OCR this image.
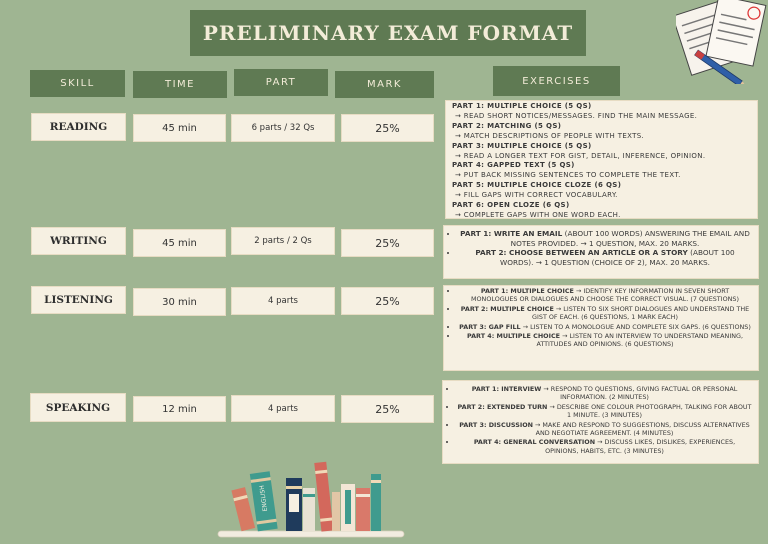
PRELIMINARY EXAM FORMAT
SKILL	TIME	PART	MARK	EXERCISES
READING	45 min	6 parts / 32 Qs	25%
PART 1: MULTIPLE CHOICE (5 QS)
→ READ SHORT NOTICES/MESSAGES. FIND THE MAIN MESSAGE.
PART 2: MATCHING (5 QS)
→ MATCH DESCRIPTIONS OF PEOPLE WITH TEXTS.
PART 3: MULTIPLE CHOICE (5 QS)
→ READ A LONGER TEXT FOR GIST, DETAIL, INFERENCE, OPINION.
PART 4: GAPPED TEXT (5 QS)
→ PUT BACK MISSING SENTENCES TO COMPLETE THE TEXT.
PART 5: MULTIPLE CHOICE CLOZE (6 QS)
→ FILL GAPS WITH CORRECT VOCABULARY.
PART 6: OPEN CLOZE (6 QS)
→ COMPLETE GAPS WITH ONE WORD EACH.
WRITING	45 min	2 parts / 2 Qs	25%
• PART 1: WRITE AN EMAIL (ABOUT 100 WORDS) ANSWERING THE EMAIL AND NOTES PROVIDED. → 1 QUESTION, MAX. 20 MARKS.
• PART 2: CHOOSE BETWEEN AN ARTICLE OR A STORY (ABOUT 100 WORDS). → 1 QUESTION (CHOICE OF 2), MAX. 20 MARKS.
LISTENING	30 min	4 parts	25%
• PART 1: MULTIPLE CHOICE → IDENTIFY KEY INFORMATION IN SEVEN SHORT MONOLOGUES OR DIALOGUES AND CHOOSE THE CORRECT VISUAL. (7 QUESTIONS)
• PART 2: MULTIPLE CHOICE → LISTEN TO SIX SHORT DIALOGUES AND UNDERSTAND THE GIST OF EACH. (6 QUESTIONS, 1 MARK EACH)
• PART 3: GAP FILL → LISTEN TO A MONOLOGUE AND COMPLETE SIX GAPS. (6 QUESTIONS)
• PART 4: MULTIPLE CHOICE → LISTEN TO AN INTERVIEW TO UNDERSTAND MEANING, ATTITUDES AND OPINIONS. (6 QUESTIONS)
SPEAKING	12 min	4 parts	25%
• PART 1: INTERVIEW → RESPOND TO QUESTIONS, GIVING FACTUAL OR PERSONAL INFORMATION. (2 MINUTES)
• PART 2: EXTENDED TURN → DESCRIBE ONE COLOUR PHOTOGRAPH, TALKING FOR ABOUT 1 MINUTE. (3 MINUTES)
• PART 3: DISCUSSION → MAKE AND RESPOND TO SUGGESTIONS, DISCUSS ALTERNATIVES AND NEGOTIATE AGREEMENT. (4 MINUTES)
• PART 4: GENERAL CONVERSATION → DISCUSS LIKES, DISLIKES, EXPERIENCES, OPINIONS, HABITS, ETC. (3 MINUTES)
ENGLISH
